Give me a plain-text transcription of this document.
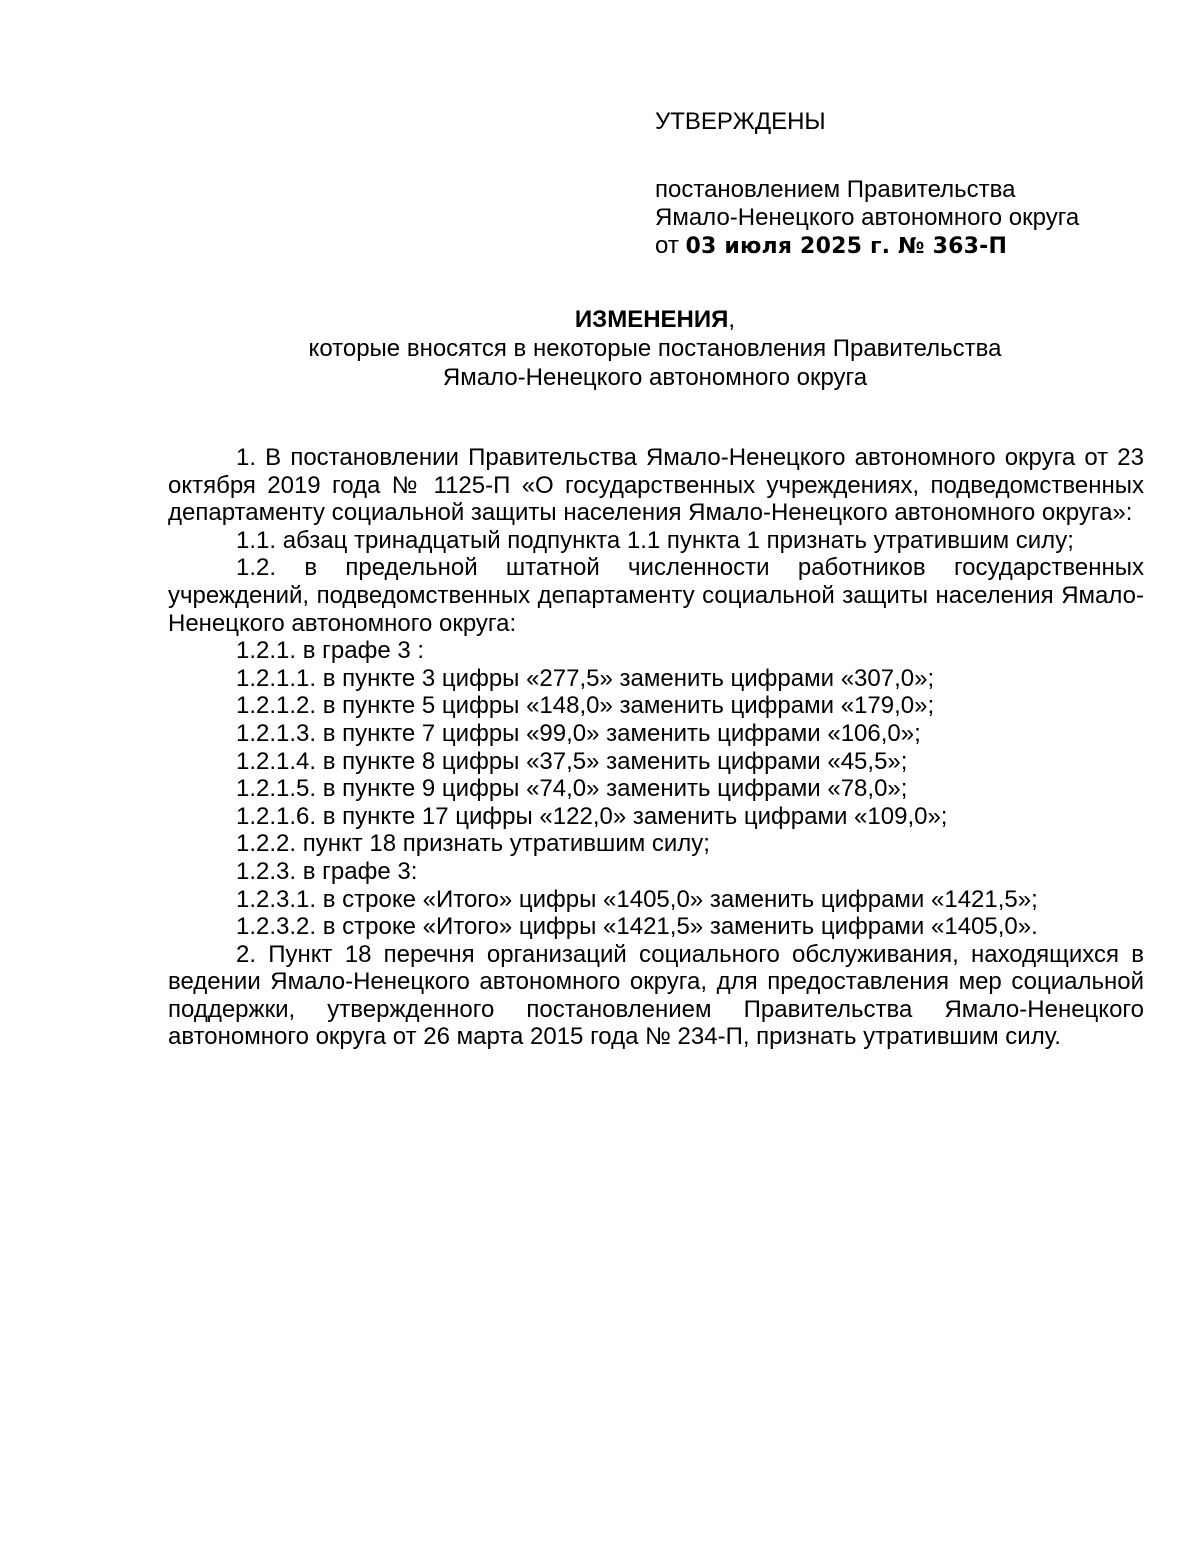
УТВЕРЖДЕНЫ
постановлением Правительства
Ямало-Ненецкого автономного округа
от 03 июля 2025 г. № 363-П
ИЗМЕНЕНИЯ,
которые вносятся в некоторые постановления Правительства
Ямало-Ненецкого автономного округа

1. В постановлении Правительства Ямало-Ненецкого автономного округа от 23 октября 2019 года № 1125-П «О государственных учреждениях, подведомственных департаменту социальной защиты населения Ямало-Ненецкого автономного округа»:

1.1. абзац тринадцатый подпункта 1.1 пункта 1 признать утратившим силу;

1.2. в предельной штатной численности работников государственных учреждений, подведомственных департаменту социальной защиты населения Ямало-Ненецкого автономного округа:

1.2.1. в графе 3 :

1.2.1.1. в пункте 3 цифры «277,5» заменить цифрами «307,0»;

1.2.1.2. в пункте 5 цифры «148,0» заменить цифрами «179,0»;

1.2.1.3. в пункте 7 цифры «99,0» заменить цифрами «106,0»;

1.2.1.4. в пункте 8 цифры «37,5» заменить цифрами «45,5»;

1.2.1.5. в пункте 9 цифры «74,0» заменить цифрами «78,0»;

1.2.1.6. в пункте 17 цифры «122,0» заменить цифрами «109,0»;

1.2.2. пункт 18 признать утратившим силу;

1.2.3. в графе 3:

1.2.3.1. в строке «Итого» цифры «1405,0» заменить цифрами «1421,5»;

1.2.3.2. в строке «Итого» цифры «1421,5» заменить цифрами «1405,0».

2. Пункт 18 перечня организаций социального обслуживания, находящихся в ведении Ямало-Ненецкого автономного округа, для предоставления мер социальной поддержки, утвержденного постановлением Правительства Ямало-Ненецкого автономного округа от 26 марта 2015 года № 234-П, признать утратившим силу.
